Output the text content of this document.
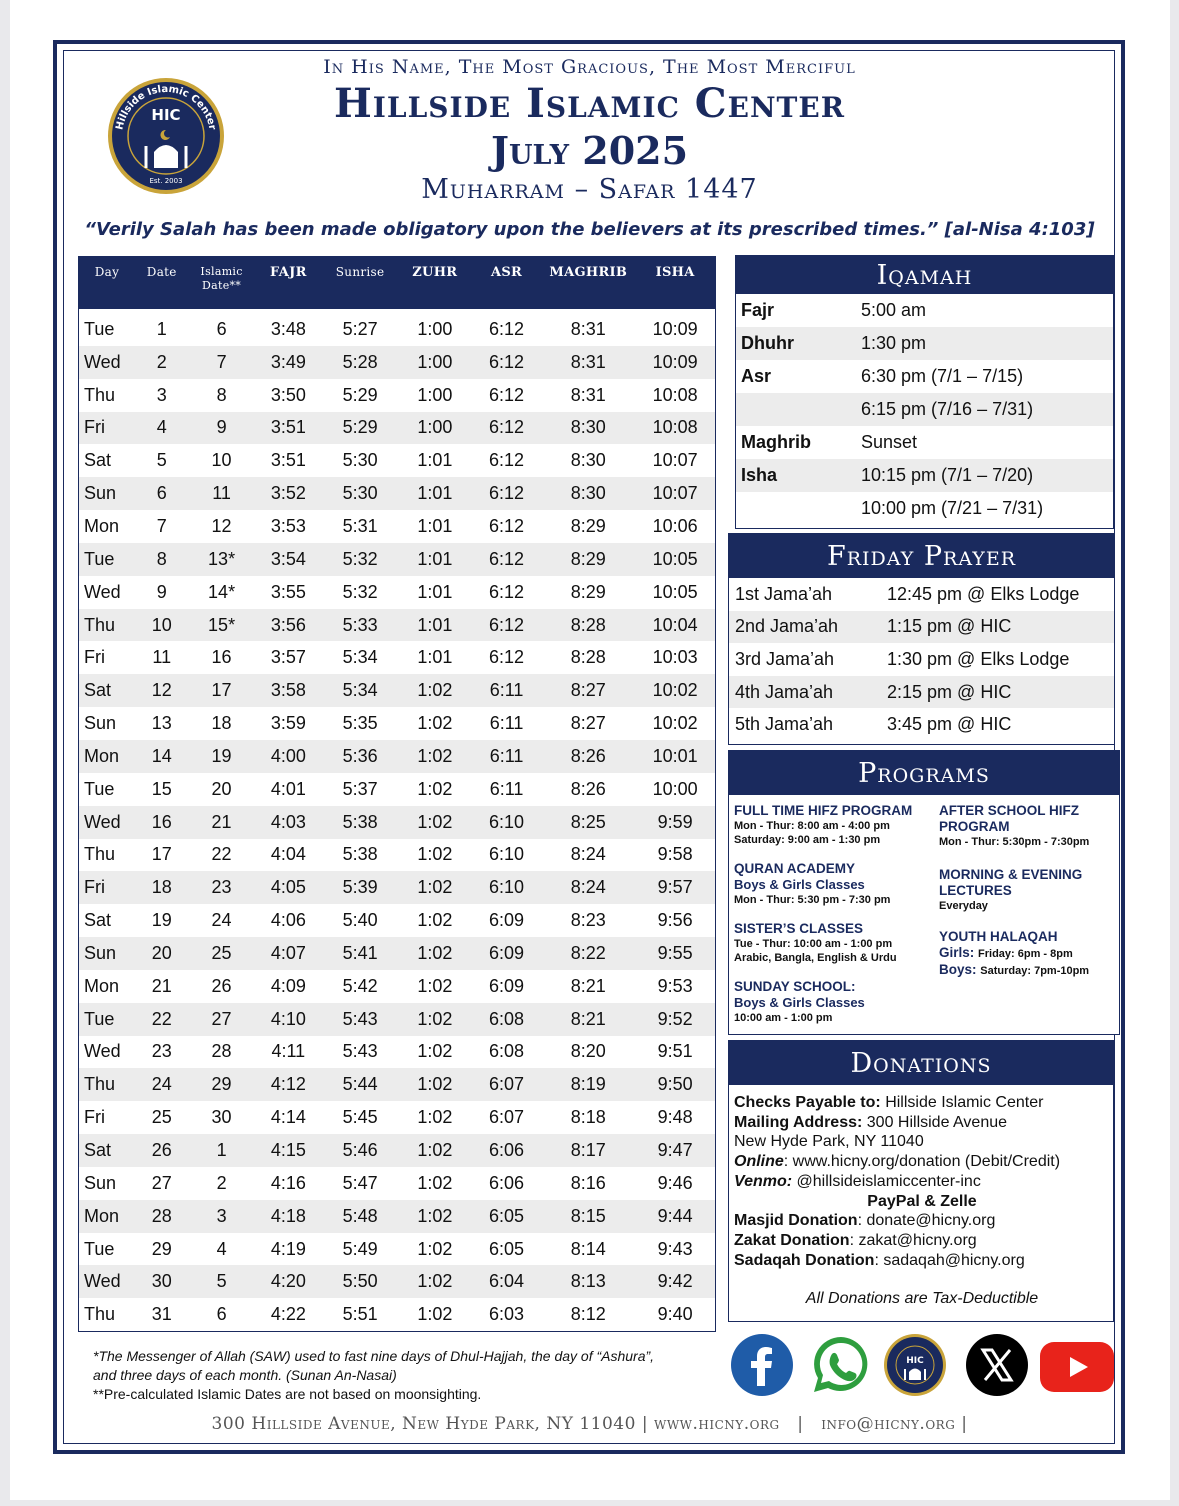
In His Name, The Most Gracious, The Most Merciful
Hillside Islamic Center
July 2025
Muharram – Safar 1447
“Verily Salah has been made obligatory upon the believers at its prescribed times.” [al-Nisa 4:103]
Hillside Islamic Center
HIC
Est. 2003
Day	Date	Islamic Date**	FAJR	Sunrise	ZUHR	ASR	MAGHRIB	ISHA
Tue	1	6	3:48	5:27	1:00	6:12	8:31	10:09
Wed	2	7	3:49	5:28	1:00	6:12	8:31	10:09
Thu	3	8	3:50	5:29	1:00	6:12	8:31	10:08
Fri	4	9	3:51	5:29	1:00	6:12	8:30	10:08
Sat	5	10	3:51	5:30	1:01	6:12	8:30	10:07
Sun	6	11	3:52	5:30	1:01	6:12	8:30	10:07
Mon	7	12	3:53	5:31	1:01	6:12	8:29	10:06
Tue	8	13*	3:54	5:32	1:01	6:12	8:29	10:05
Wed	9	14*	3:55	5:32	1:01	6:12	8:29	10:05
Thu	10	15*	3:56	5:33	1:01	6:12	8:28	10:04
Fri	11	16	3:57	5:34	1:01	6:12	8:28	10:03
Sat	12	17	3:58	5:34	1:02	6:11	8:27	10:02
Sun	13	18	3:59	5:35	1:02	6:11	8:27	10:02
Mon	14	19	4:00	5:36	1:02	6:11	8:26	10:01
Tue	15	20	4:01	5:37	1:02	6:11	8:26	10:00
Wed	16	21	4:03	5:38	1:02	6:10	8:25	9:59
Thu	17	22	4:04	5:38	1:02	6:10	8:24	9:58
Fri	18	23	4:05	5:39	1:02	6:10	8:24	9:57
Sat	19	24	4:06	5:40	1:02	6:09	8:23	9:56
Sun	20	25	4:07	5:41	1:02	6:09	8:22	9:55
Mon	21	26	4:09	5:42	1:02	6:09	8:21	9:53
Tue	22	27	4:10	5:43	1:02	6:08	8:21	9:52
Wed	23	28	4:11	5:43	1:02	6:08	8:20	9:51
Thu	24	29	4:12	5:44	1:02	6:07	8:19	9:50
Fri	25	30	4:14	5:45	1:02	6:07	8:18	9:48
Sat	26	1	4:15	5:46	1:02	6:06	8:17	9:47
Sun	27	2	4:16	5:47	1:02	6:06	8:16	9:46
Mon	28	3	4:18	5:48	1:02	6:05	8:15	9:44
Tue	29	4	4:19	5:49	1:02	6:05	8:14	9:43
Wed	30	5	4:20	5:50	1:02	6:04	8:13	9:42
Thu	31	6	4:22	5:51	1:02	6:03	8:12	9:40
Iqamah
Fajr	5:00 am
Dhuhr	1:30 pm
Asr	6:30 pm (7/1 – 7/15)
6:15 pm (7/16 – 7/31)
Maghrib	Sunset
Isha	10:15 pm (7/1 – 7/20)
10:00 pm (7/21 – 7/31)
Friday Prayer
1st Jama’ah	12:45 pm @ Elks Lodge
2nd Jama’ah	1:15 pm @ HIC
3rd Jama’ah	1:30 pm @ Elks Lodge
4th Jama’ah	2:15 pm @ HIC
5th Jama’ah	3:45 pm @ HIC
Programs
FULL TIME HIFZ PROGRAM
Mon - Thur: 8:00 am - 4:00 pm
Saturday: 9:00 am - 1:30 pm
QURAN ACADEMY
Boys & Girls Classes
Mon - Thur: 5:30 pm - 7:30 pm
SISTER’S CLASSES
Tue - Thur: 10:00 am - 1:00 pm
Arabic, Bangla, English & Urdu
SUNDAY SCHOOL:
Boys & Girls Classes
10:00 am - 1:00 pm
AFTER SCHOOL HIFZ PROGRAM
Mon - Thur: 5:30pm - 7:30pm
MORNING & EVENING LECTURES
Everyday
YOUTH HALAQAH
Girls: Friday: 6pm - 8pm
Boys: Saturday: 7pm-10pm
Donations
Checks Payable to: Hillside Islamic Center
Mailing Address: 300 Hillside Avenue
New Hyde Park, NY 11040
Online: www.hicny.org/donation (Debit/Credit)
Venmo: @hillsideislamiccenter-inc
PayPal & Zelle
Masjid Donation: donate@hicny.org
Zakat Donation: zakat@hicny.org
Sadaqah Donation: sadaqah@hicny.org
All Donations are Tax-Deductible
*The Messenger of Allah (SAW) used to fast nine days of Dhul-Hajjah, the day of “Ashura”,
and three days of each month. (Sunan An-Nasai)
**Pre-calculated Islamic Dates are not based on moonsighting.
HIC
300 Hillside Avenue, New Hyde Park, NY 11040 | www.hicny.org   |   info@hicny.org |
